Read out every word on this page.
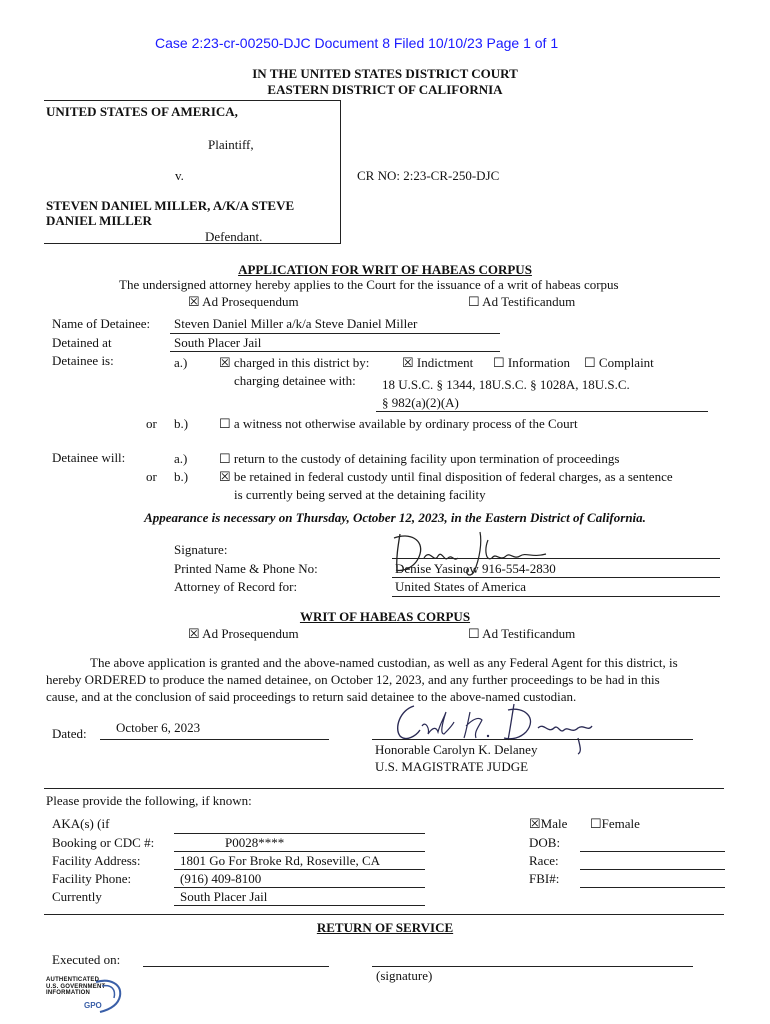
Case 2:23-cr-00250-DJC Document 8 Filed 10/10/23 Page 1 of 1
IN THE UNITED STATES DISTRICT COURT
EASTERN DISTRICT OF CALIFORNIA
UNITED STATES OF AMERICA,
Plaintiff,
v.	CR NO: 2:23-CR-250-DJC
STEVEN DANIEL MILLER, A/K/A STEVE
DANIEL MILLER
Defendant.
APPLICATION FOR WRIT OF HABEAS CORPUS
The undersigned attorney hereby applies to the Court for the issuance of a writ of habeas corpus
☒ Ad Prosequendum	☐ Ad Testificandum
Name of Detainee: Steven Daniel Miller a/k/a Steve Daniel Miller
Detained at	South Placer Jail
Detainee is:	a.) ☒ charged in this district by:	☒ Indictment ☐ Information ☐ Complaint
charging detainee with: 18 U.S.C. § 1344, 18U.S.C. § 1028A, 18U.S.C.
§ 982(a)(2)(A)
or b.) ☐ a witness not otherwise available by ordinary process of the Court
Detainee will:	a.) ☐ return to the custody of detaining facility upon termination of proceedings
or b.) ☒ be retained in federal custody until final disposition of federal charges, as a sentence
is currently being served at the detaining facility
Appearance is necessary on Thursday, October 12, 2023, in the Eastern District of California.
Signature:
Printed Name & Phone No:	Denise Yasinow 916-554-2830
Attorney of Record for:	United States of America
WRIT OF HABEAS CORPUS
☒ Ad Prosequendum	☐ Ad Testificandum
The above application is granted and the above-named custodian, as well as any Federal Agent for this district, is
hereby ORDERED to produce the named detainee, on October 12, 2023, and any further proceedings to be had in this
cause, and at the conclusion of said proceedings to return said detainee to the above-named custodian.
Dated: October 6, 2023
Honorable Carolyn K. Delaney
U.S. MAGISTRATE JUDGE
Please provide the following, if known:
AKA(s) (if
Booking or CDC #:	P0028****
Facility Address:	1801 Go For Broke Rd, Roseville, CA
Facility Phone:	(916) 409-8100
Currently	South Placer Jail
☒Male ☐Female
DOB:
Race:
FBI#:
RETURN OF SERVICE
Executed on:
(signature)
AUTHENTICATED
U.S. GOVERNMENT
INFORMATION
GPO
